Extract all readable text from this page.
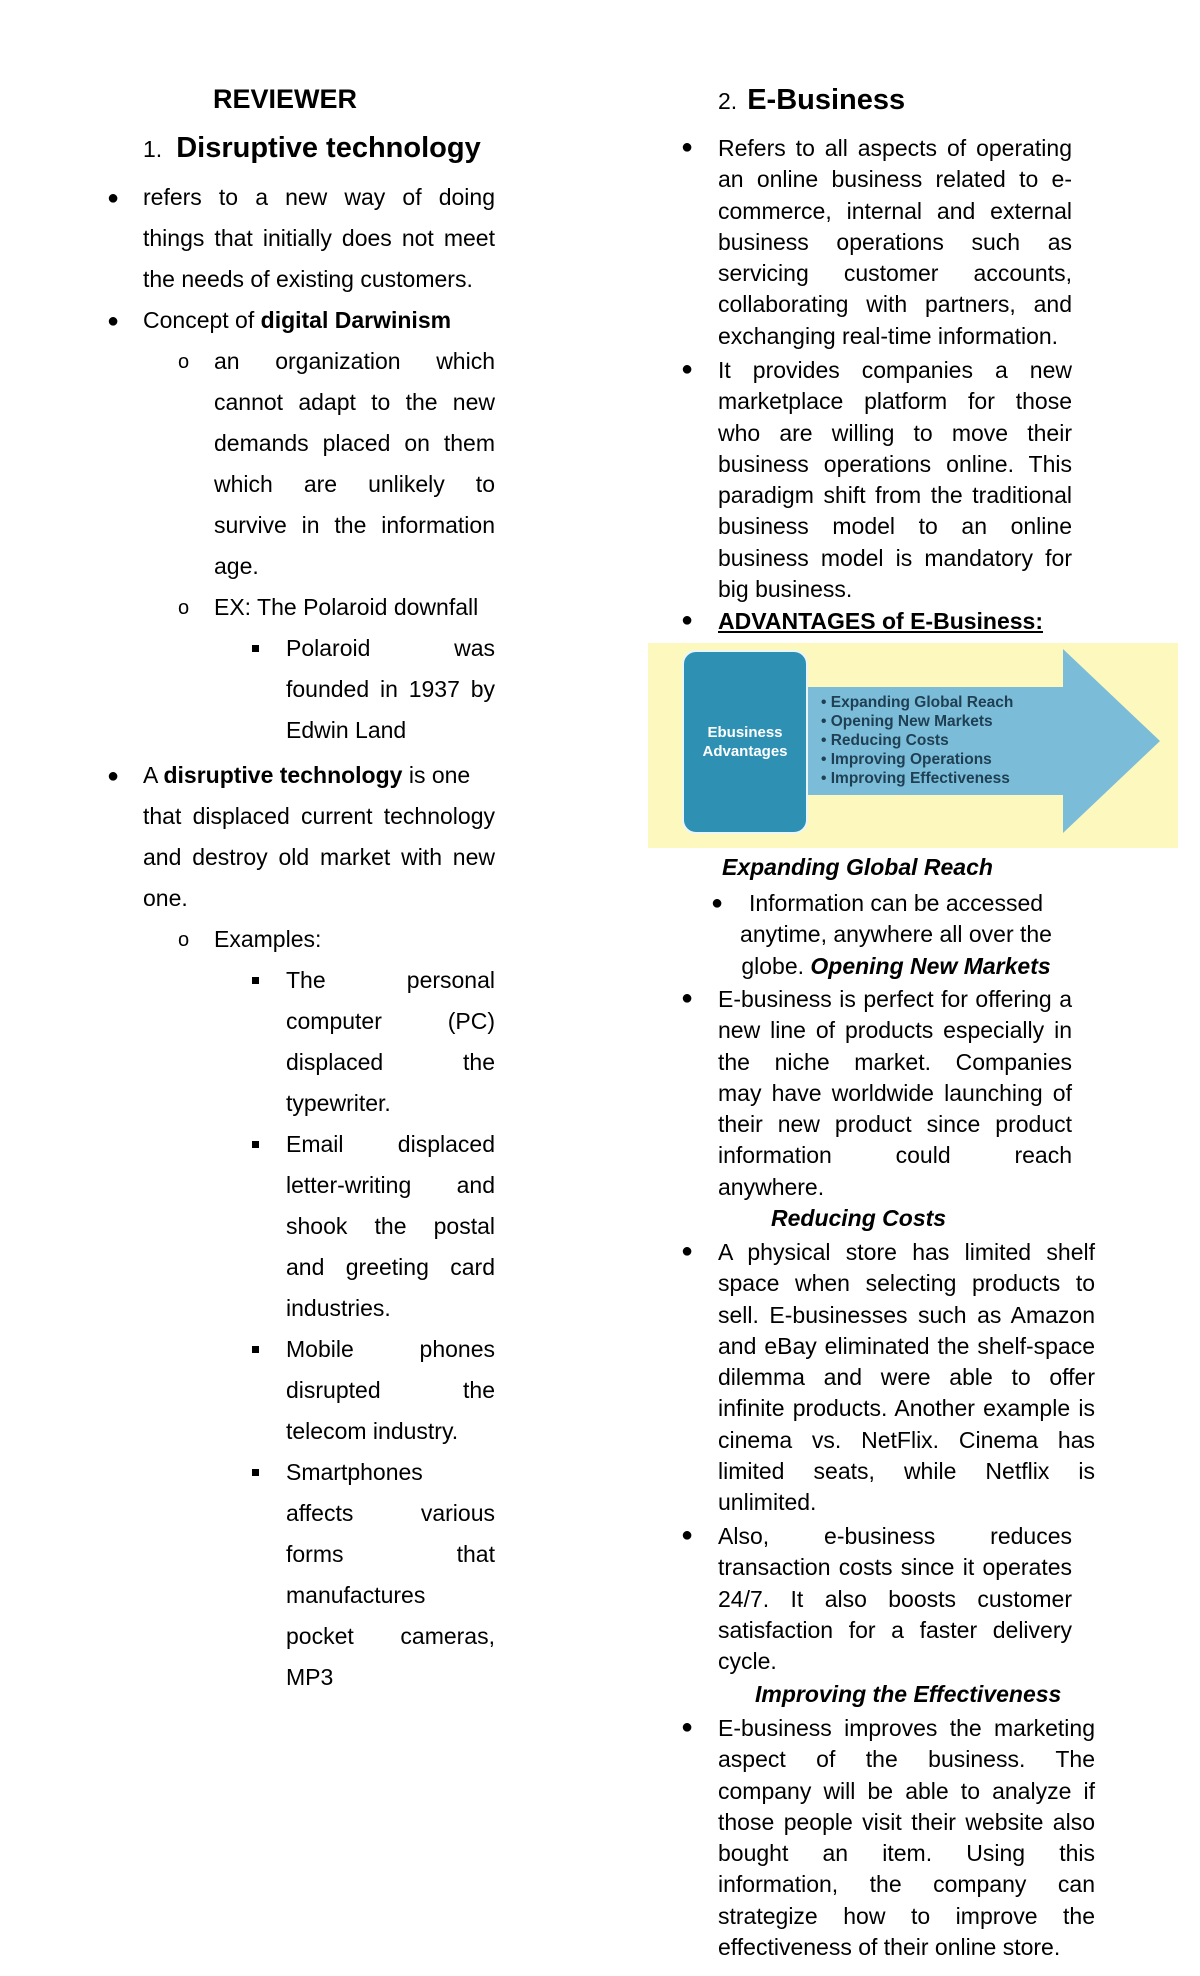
REVIEWER
1. Disruptive technology
● refers to a new way of doing
things that initially does not meet
the needs of existing customers.
● Concept of digital Darwinism
o an organization which
cannot adapt to the new
demands placed on them
which are unlikely to
survive in the information
age.
o EX: The Polaroid downfall
Polaroid was
founded in 1937 by
Edwin Land
● A disruptive technology is one
that displaced current technology
and destroy old market with new
one.
o Examples:
The personal
computer (PC)
displaced the
typewriter.
Email displaced
letter-writing and
shook the postal
and greeting card
industries.
Mobile phones
disrupted the
telecom industry.
Smartphones
affects various
forms that
manufactures
pocket cameras,
MP3
2. E-Business
● Refers to all aspects of operating
an online business related to e-
commerce, internal and external
business operations such as
servicing customer accounts,
collaborating with partners, and
exchanging real-time information.
● It provides companies a new
marketplace platform for those
who are willing to move their
business operations online. This
paradigm shift from the traditional
business model to an online
business model is mandatory for
big business.
● ADVANTAGES of E-Business:
Ebusiness
Advantages
• Expanding Global Reach
• Opening New Markets
• Reducing Costs
• Improving Operations
• Improving Effectiveness
Expanding Global Reach
●	Information can be accessed
anytime, anywhere all over the
globe. Opening New Markets
● E-business is perfect for offering a
new line of products especially in
the niche market. Companies
may have worldwide launching of
their new product since product
information could reach
anywhere.
Reducing Costs
● A physical store has limited shelf
space when selecting products to
sell. E-businesses such as Amazon
and eBay eliminated the shelf-space
dilemma and were able to offer
infinite products. Another example is
cinema vs. NetFlix. Cinema has
limited seats, while Netflix is
unlimited.
● Also, e-business reduces
transaction costs since it operates
24/7. It also boosts customer
satisfaction for a faster delivery
cycle.
Improving the Effectiveness
● E-business improves the marketing
aspect of the business. The
company will be able to analyze if
those people visit their website also
bought an item. Using this
information, the company can
strategize how to improve the
effectiveness of their online store.
